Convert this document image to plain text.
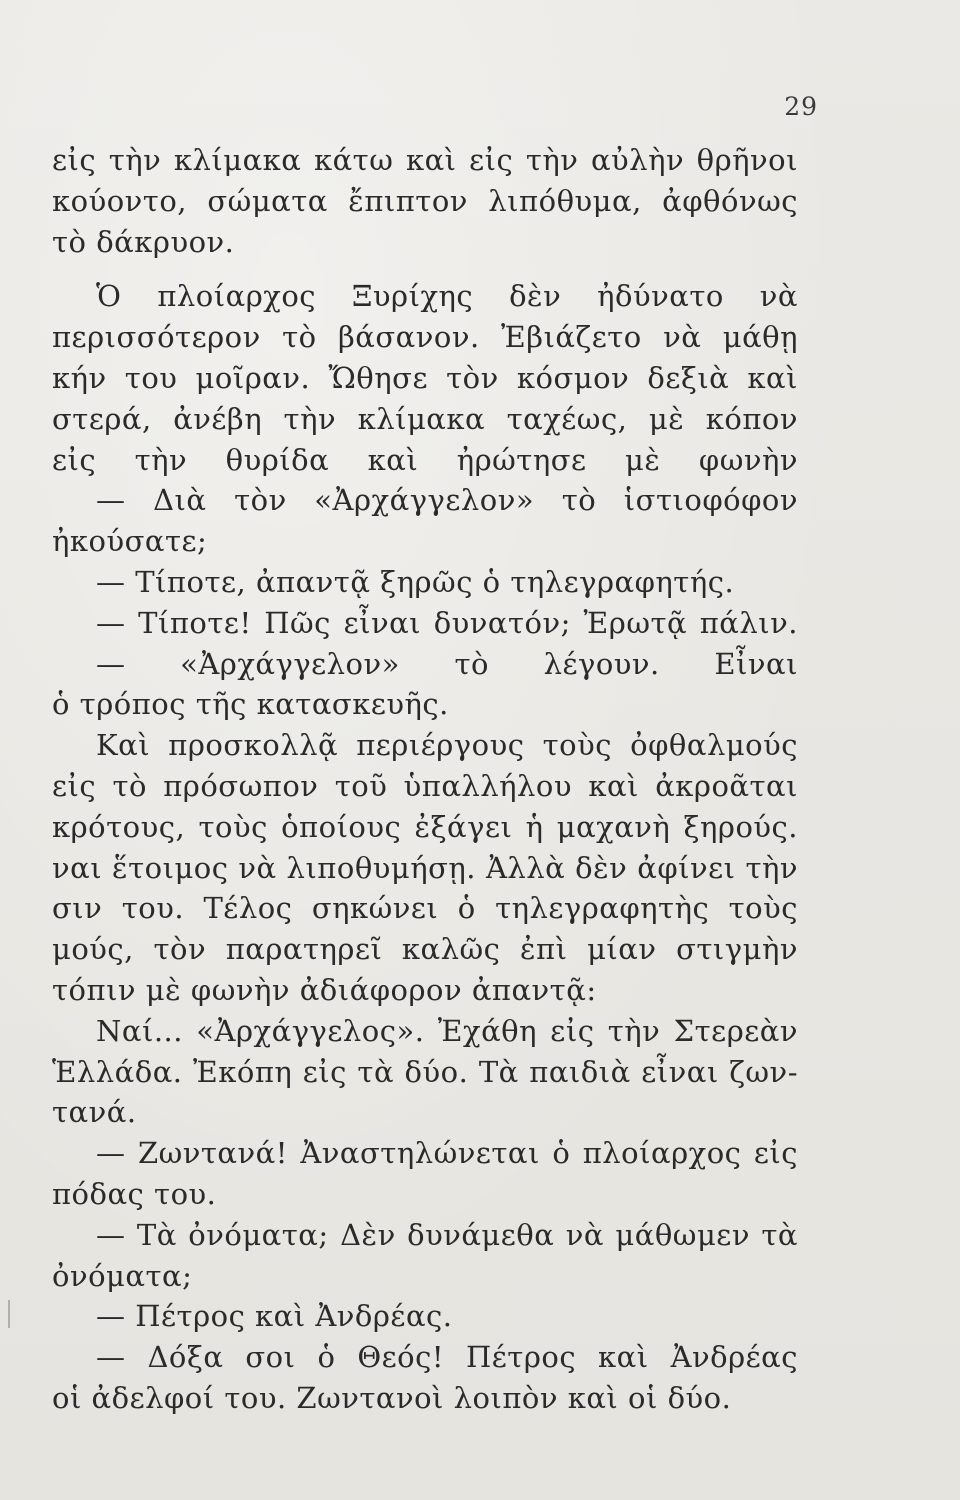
29
εἰς τὴν κλίμακα κάτω καὶ εἰς τὴν αὐλὴν θρῆνοι
κούοντο, σώματα ἔπιπτον λιπόθυμα, ἀφθόνως
τὸ δάκρυον.
Ὁ πλοίαρχος Ξυρίχης δὲν ἠδύνατο νὰ
περισσότερον τὸ βάσανον. Ἐβιάζετο νὰ μάθῃ
κήν του μοῖραν. Ὤθησε τὸν κόσμον δεξιὰ καὶ
στερά, ἀνέβη τὴν κλίμακα ταχέως, μὲ κόπον
εἰς τὴν θυρίδα καὶ ἠρώτησε μὲ φωνὴν
— Διὰ τὸν «Ἀρχάγγελον» τὸ ἱστιοφόφον
ἠκούσατε;
— Τίποτε, ἀπαντᾷ ξηρῶς ὁ τηλεγραφητής.
— Τίποτε! Πῶς εἶναι δυνατόν; Ἐρωτᾷ πάλιν.
— «Ἀρχάγγελον» τὸ λέγουν. Εἶναι
ὁ τρόπος τῆς κατασκευῆς.
Καὶ προσκολλᾷ περιέργους τοὺς ὀφθαλμούς
εἰς τὸ πρόσωπον τοῦ ὑπαλλήλου καὶ ἀκροᾶται
κρότους, τοὺς ὁποίους ἐξάγει ἡ μαχανὴ ξηρούς.
ναι ἕτοιμος νὰ λιποθυμήσῃ. Ἀλλὰ δὲν ἀφίνει τὴν
σιν του. Τέλος σηκώνει ὁ τηλεγραφητὴς τοὺς
μούς, τὸν παρατηρεῖ καλῶς ἐπὶ μίαν στιγμὴν
τόπιν μὲ φωνὴν ἀδιάφορον ἀπαντᾷ:
Ναί... «Ἀρχάγγελος». Ἐχάθη εἰς τὴν Στερεὰν
Ἑλλάδα. Ἐκόπη εἰς τὰ δύο. Τὰ παιδιὰ εἶναι ζων-
τανά.
— Ζωντανά! Ἀναστηλώνεται ὁ πλοίαρχος εἰς
πόδας του.
— Τὰ ὀνόματα; Δὲν δυνάμεθα νὰ μάθωμεν τὰ
ὀνόματα;
— Πέτρος καὶ Ἀνδρέας.
— Δόξα σοι ὁ Θεός! Πέτρος καὶ Ἀνδρέας
οἱ ἀδελφοί του. Ζωντανοὶ λοιπὸν καὶ οἱ δύο.
